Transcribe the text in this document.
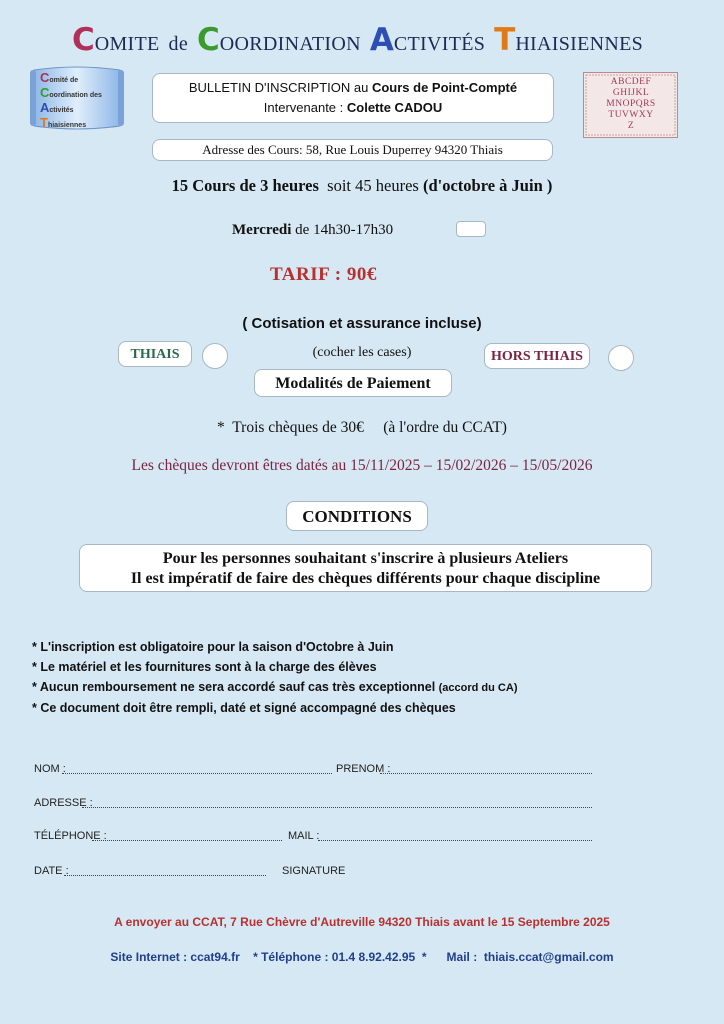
COMITE de COORDINATION ACTIVITÉS THIAISIENNES
Comité de
Coordination des
Activités
Thiaisiennes
BULLETIN D'INSCRIPTION au Cours de Point-Compté
Intervenante : Colette CADOU
ABCDEF
GHIJKL
MNOPQRS
TUVWXY
Z
Adresse des Cours: 58, Rue Louis Duperrey 94320 Thiais
15 Cours de 3 heures soit 45 heures (d'octobre à Juin )
Mercredi de 14h30-17h30
TARIF : 90€
( Cotisation et assurance incluse)
THIAIS	(cocher les cases)	HORS THIAIS
Modalités de Paiement
*  Trois chèques de 30€     (à l'ordre du CCAT)
Les chèques devront êtres datés au 15/11/2025 – 15/02/2026 – 15/05/2026
CONDITIONS
Pour les personnes souhaitant s'inscrire à plusieurs Ateliers
Il est impératif de faire des chèques différents pour chaque discipline
* L'inscription est obligatoire pour la saison d'Octobre à Juin
* Le matériel et les fournitures sont à la charge des élèves
* Aucun remboursement ne sera accordé sauf cas très exceptionnel (accord du CA)
* Ce document doit être rempli, daté et signé accompagné des chèques
NOM :	PRENOM :
ADRESSE :
TÉLÉPHONE :	MAIL :
DATE :	SIGNATURE
A envoyer au CCAT, 7 Rue Chèvre d'Autreville 94320 Thiais avant le 15 Septembre 2025
Site Internet : ccat94.fr    * Téléphone : 01.4 8.92.42.95  *      Mail :  thiais.ccat@gmail.com
